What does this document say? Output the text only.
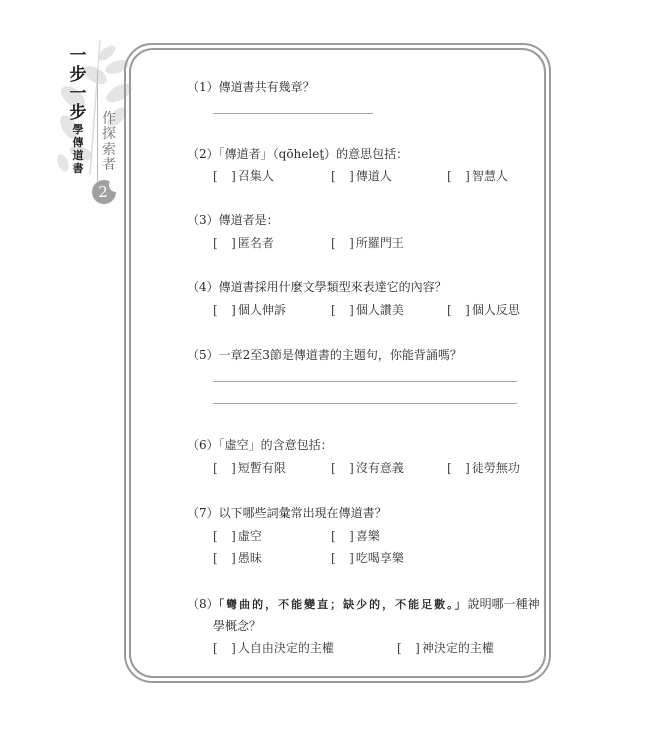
一
步
一
步
學
傳
道
書
作
探
索
者
2
（1）傳道書共有幾章？
（2）「傳道者」（qōheleṯ）的意思包括：
[ ] 召集人	[ ] 傳道人	[ ] 智慧人
（3）傳道者是：
[ ] 匿名者	[ ] 所羅門王
（4）傳道書採用什麼文學類型來表達它的內容？
[ ] 個人伸訴	[ ] 個人讚美	[ ] 個人反思
（5）一章2至3節是傳道書的主題句，你能背誦嗎？
（6）「虛空」的含意包括：
[ ] 短暫有限	[ ] 沒有意義	[ ] 徒勞無功
（7）以下哪些詞彙常出現在傳道書？
[ ] 虛空	[ ] 喜樂
[ ] 愚昧	[ ] 吃喝享樂
（8）「彎曲的，不能變直；缺少的，不能足數。」說明哪一種神
學概念？
[ ] 人自由決定的主權	[ ] 神決定的主權
